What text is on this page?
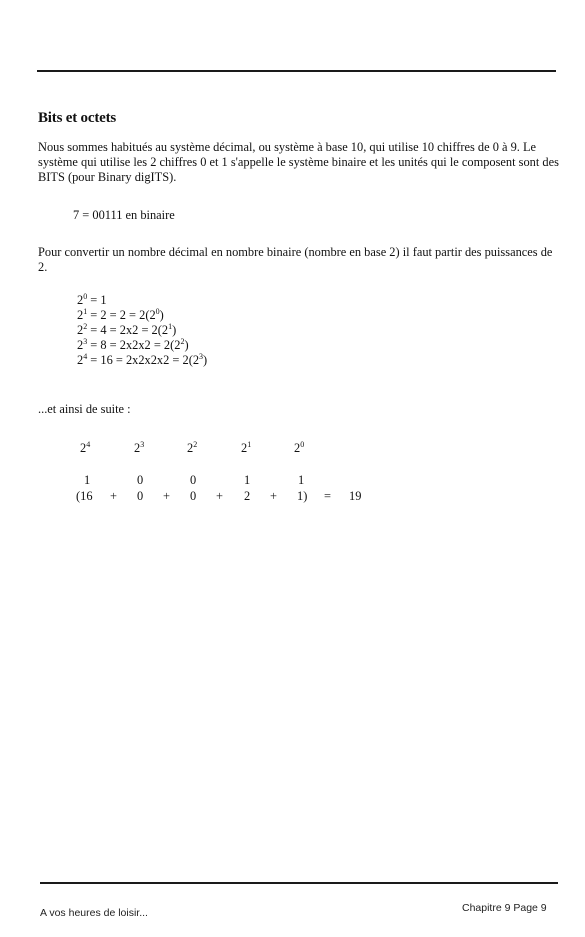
Bits et octets
Nous sommes habitués au système décimal, ou système à base 10, qui utilise 10 chiffres de 0 à 9. Le système qui utilise les 2 chiffres 0 et 1 s'appelle le système binaire et les unités qui le composent sont des BITS (pour Binary digITS).
7 = 00111 en binaire
Pour convertir un nombre décimal en nombre binaire (nombre en base 2) il faut partir des puissances de 2.
$2^0 = 1$
$2^1 = 2 = 2 = 2(2^0)$
$2^2 = 4 = 2x2 = 2(2^1)$
$2^3 = 8 = 2x2x2 = 2(2^2)$
$2^4 = 16 = 2x2x2x2 = 2(2^3)$
...et ainsi de suite :
$2^4$	$2^3$	$2^2$	$2^1$	$2^0$
1	0	0	1	1
(16 + 0 + 0 + 2 + 1) = 19
A vos heures de loisir...	Chapitre 9 Page 9
